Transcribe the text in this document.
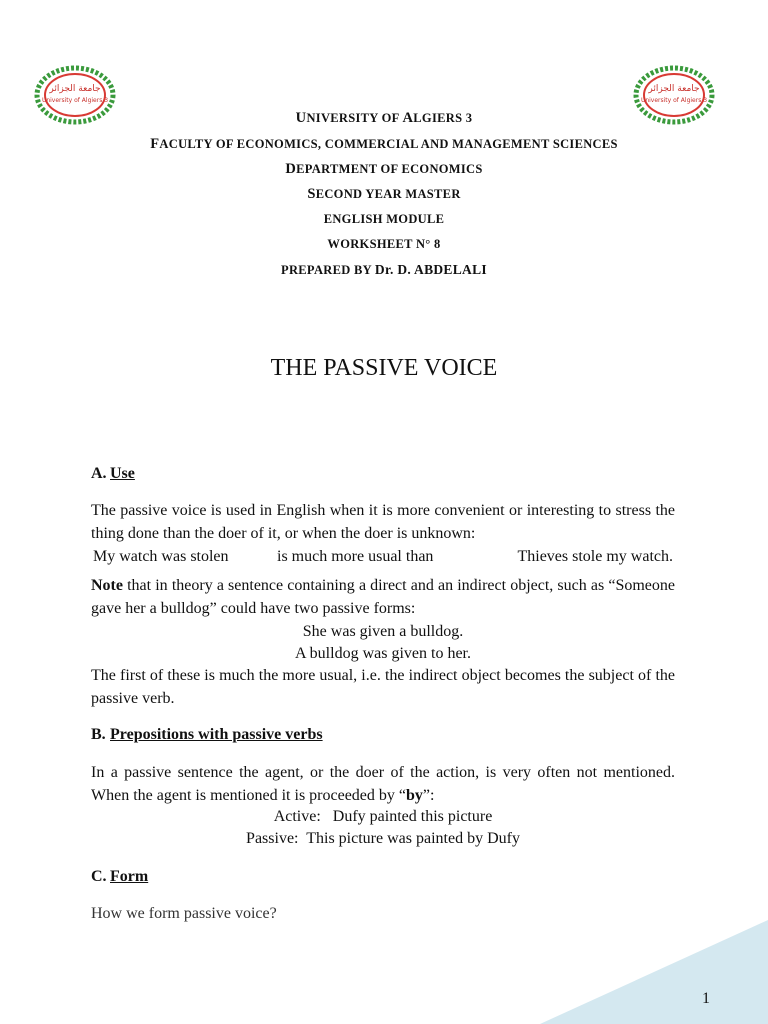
جامعة الجزائر
University of Algiers 3
جامعة الجزائر
University of Algiers 3
UNIVERSITY OF ALGIERS 3
FACULTY OF ECONOMICS, COMMERCIAL AND MANAGEMENT SCIENCES
DEPARTMENT OF ECONOMICS
SECOND YEAR MASTER
ENGLISH MODULE
WORKSHEET N° 8
PREPARED BY Dr. D. ABDELALI
THE PASSIVE VOICE
A. Use

The passive voice is used in English when it is more convenient or interesting to stress the thing done than the doer of it, or when the doer is unknown:

My watch was stolen	is much more usual than	Thieves stole my watch.

Note that in theory a sentence containing a direct and an indirect object, such as “Someone gave her a bulldog” could have two passive forms:

She was given a bulldog.
A bulldog was given to her.

The first of these is much the more usual, i.e. the indirect object becomes the subject of the passive verb.

B. Prepositions with passive verbs

In a passive sentence the agent, or the doer of the action, is very often not mentioned. When the agent is mentioned it is proceeded by “by”:

Active: Dufy painted this picture
Passive: This picture was painted by Dufy
C. Form
How we form passive voice?
1
